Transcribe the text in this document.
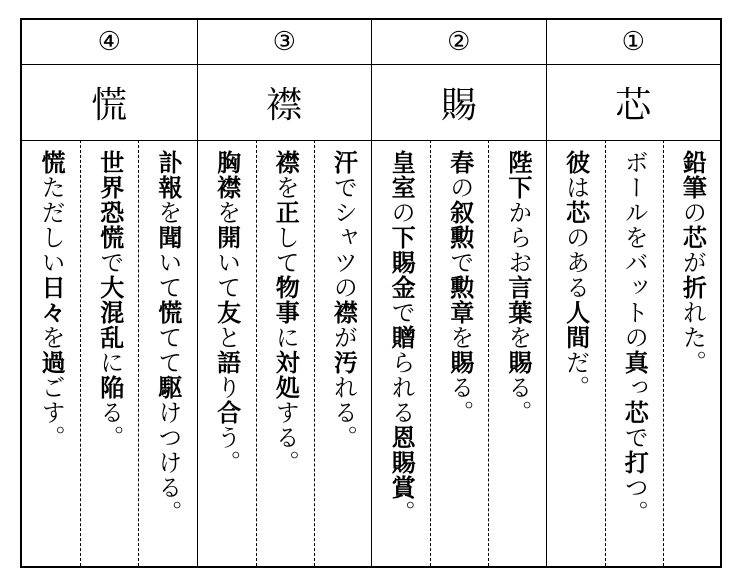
④
慌
慌ただしい日々を過ごす。
世界恐慌で大混乱に陥る。
訃報を聞いて慌てて駆けつける。
③
襟
胸襟を開いて友と語り合う。
襟を正して物事に対処する。
汗でシャツの襟が汚れる。
②
賜
皇室の下賜金で贈られる恩賜賞。
春の叙勲で勲章を賜る。
陛下からお言葉を賜る。
①
芯
彼は芯のある人間だ。
ボールをバットの真っ芯で打つ。
鉛筆の芯が折れた。
